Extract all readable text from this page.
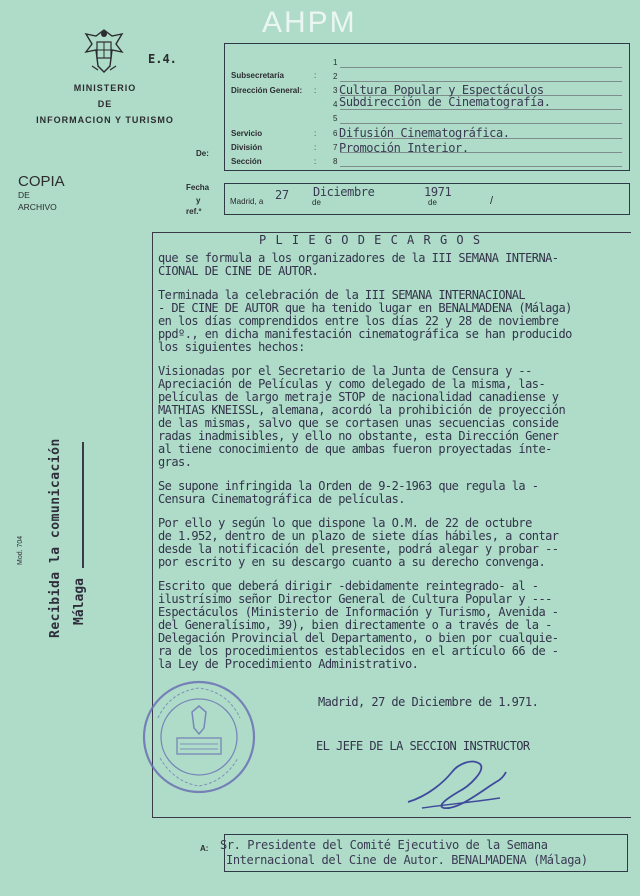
AHPM
E.4.
MINISTERIO
DE
INFORMACION Y TURISMO
COPIA
DE
ARCHIVO
Subsecretaría
Dirección General:
Servicio
División
Sección
De:
:
:
:
:
:
1
2
3
4
5
6
7
8
Cultura Popular y Espectáculos
Subdirección de Cinematografía.
Difusión Cinematográfica.
Promoción Interior.
Fecha
y
ref.º
Madrid, a 27
de
Diciembre
de
1971
/
Mod. 704 Recibida la comunicación Málaga
P L I E G O D E C A R G O S

que se formula a los organizadores de la III SEMANA INTERNA-
CIONAL DE CINE DE AUTOR.

Terminada la celebración de la III SEMANA INTERNACIONAL
- DE CINE DE AUTOR que ha tenido lugar en BENALMADENA (Málaga)
en los días comprendidos entre los días 22 y 28 de noviembre
ppdº., en dicha manifestación cinematográfica se han producido
los siguientes hechos:

Visionadas por el Secretario de la Junta de Censura y --
Apreciación de Películas y como delegado de la misma, las-
películas de largo metraje STOP de nacionalidad canadiense y
MATHIAS KNEISSL, alemana, acordó la prohibición de proyección
de las mismas, salvo que se cortasen unas secuencias conside
radas inadmisibles, y ello no obstante, esta Dirección Gener
al tiene conocimiento de que ambas fueron proyectadas ínte-
gras.

Se supone infringida la Orden de 9-2-1963 que regula la -
Censura Cinematográfica de películas.

Por ello y según lo que dispone la O.M. de 22 de octubre
de 1.952, dentro de un plazo de siete días hábiles, a contar
desde la notificación del presente, podrá alegar y probar --
por escrito y en su descargo cuanto a su derecho convenga.

Escrito que deberá dirigir -debidamente reintegrado- al -
ilustrísimo señor Director General de Cultura Popular y ---
Espectáculos (Ministerio de Información y Turismo, Avenida -
del Generalísimo, 39), bien directamente o a través de la -
Delegación Provincial del Departamento, o bien por cualquie-
ra de los procedimientos establecidos en el artículo 66 de -
la Ley de Procedimiento Administrativo.

Madrid, 27 de Diciembre de 1.971.
EL JEFE DE LA SECCION INSTRUCTOR
A: Sr. Presidente del Comité Ejecutivo de la Semana
Internacional del Cine de Autor. BENALMADENA (Málaga)
